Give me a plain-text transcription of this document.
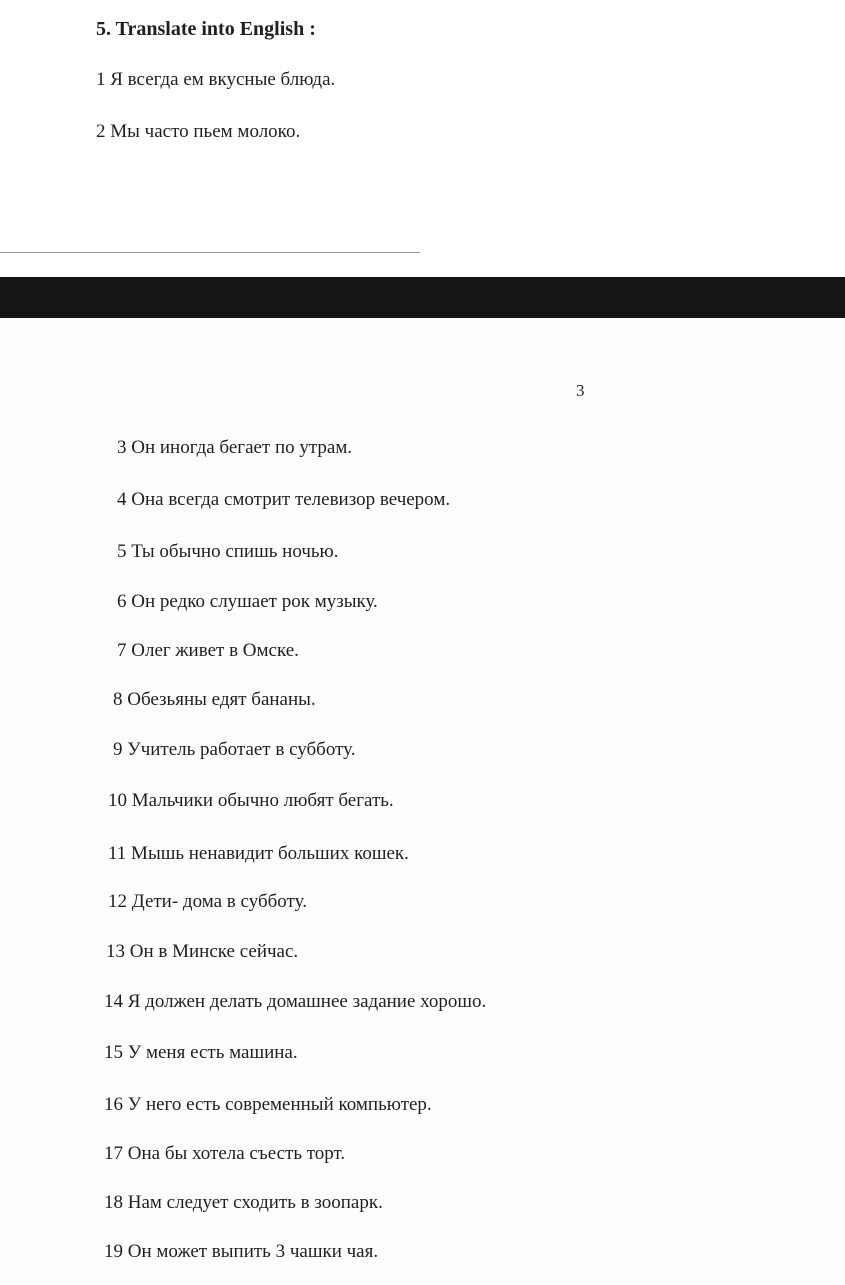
5. Translate into English :
1 Я всегда ем вкусные блюда.
2 Мы часто пьем молоко.
3
3 Он иногда бегает по утрам.
4 Она всегда смотрит телевизор вечером.
5 Ты обычно спишь ночью.
6 Он редко слушает рок музыку.
7 Олег живет в Омске.
8 Обезьяны едят бананы.
9 Учитель работает в субботу.
10 Мальчики обычно любят бегать.
11 Мышь ненавидит больших кошек.
12 Дети- дома в субботу.
13 Он в Минске сейчас.
14 Я должен делать домашнее задание хорошо.
15 У меня есть машина.
16 У него есть современный компьютер.
17 Она бы хотела съесть торт.
18 Нам следует сходить в зоопарк.
19 Он может выпить 3 чашки чая.
